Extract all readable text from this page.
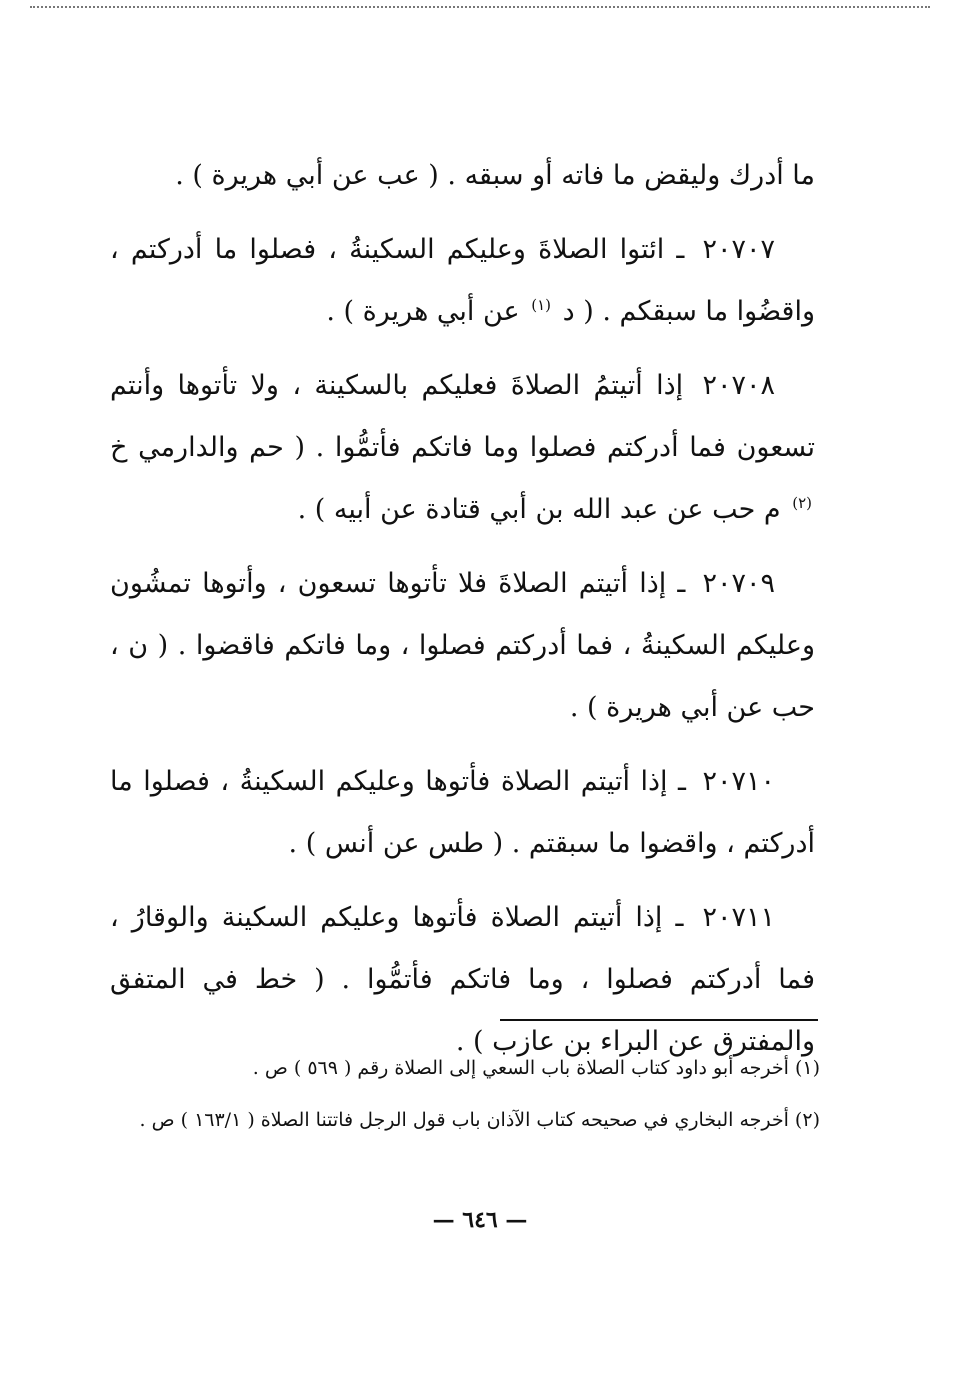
ما أدرك وليقض ما فاته أو سبقه . ( عب عن أبي هريرة ) .

٢٠٧٠٧ ـ ائتوا الصلاةَ وعليكم السكينةُ ، فصلوا ما أدركتم ، واقضُوا ما سبقكم . ( د $^{(١)}$ عن أبي هريرة ) .

٢٠٧٠٨ إذا أتيتمُ الصلاةَ فعليكم بالسكينة ، ولا تأتوها وأنتم تسعون فما أدركتم فصلوا وما فاتكم فأتمُّوا . ( حم والدارمي خ $^{(٢)}$ م حب عن عبد الله بن أبي قتادة عن أبيه ) .

٢٠٧٠٩ ـ إذا أتيتم الصلاةَ فلا تأتوها تسعون ، وأتوها تمشُون وعليكم السكينةُ ، فما أدركتم فصلوا ، وما فاتكم فاقضوا . ( ن ، حب عن أبي هريرة ) .

٢٠٧١٠ ـ إذا أتيتم الصلاة فأتوها وعليكم السكينةُ ، فصلوا ما أدركتم ، واقضوا ما سبقتم . ( طس عن أنس ) .

٢٠٧١١ ـ إذا أتيتم الصلاة فأتوها وعليكم السكينة والوقارُ ، فما أدركتم فصلوا ، وما فاتكم فأتمُّوا . ( خط في المتفق والمفترق عن البراء بن عازب ) .

(١) أخرجه أبو داود كتاب الصلاة باب السعي إلى الصلاة رقم ( ٥٦٩ ) ص .

(٢) أخرجه البخاري في صحيحه كتاب الآذان باب قول الرجل فاتتنا الصلاة ( ١٦٣/١ ) ص .

— ٦٤٦ —
